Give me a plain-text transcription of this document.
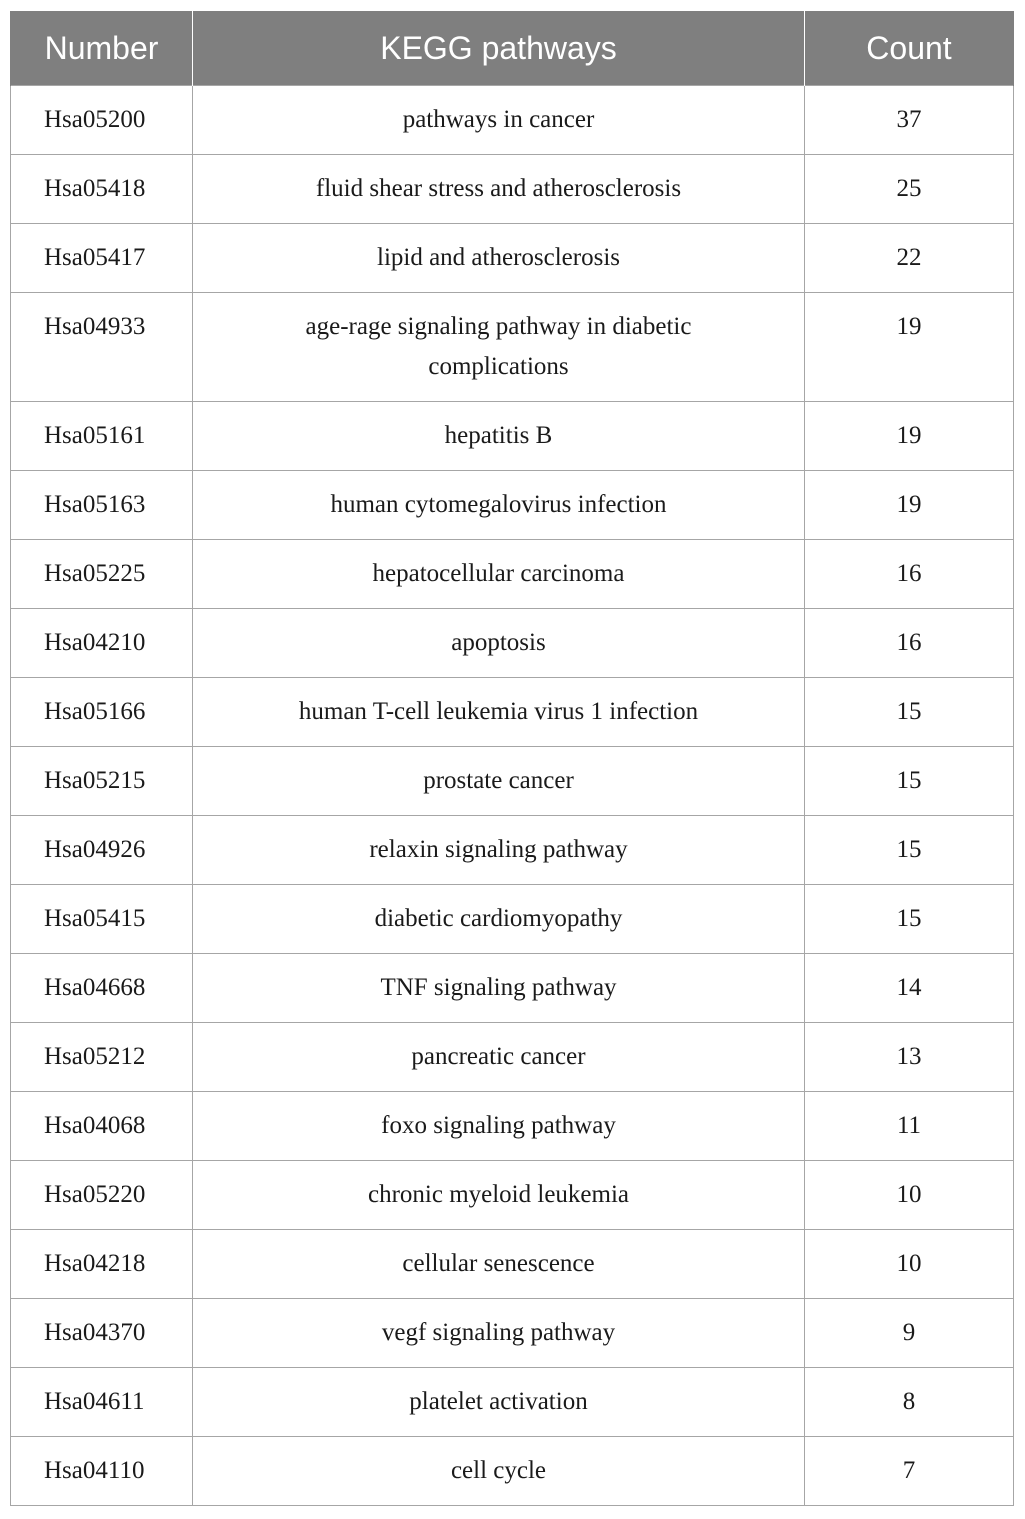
Number	KEGG pathways	Count

Hsa05200	pathways in cancer	37

Hsa05418	fluid shear stress and atherosclerosis	25

Hsa05417	lipid and atherosclerosis	22

Hsa04933	age-rage signaling pathway in diabetic complications	19

Hsa05161	hepatitis B	19

Hsa05163	human cytomegalovirus infection	19

Hsa05225	hepatocellular carcinoma	16

Hsa04210	apoptosis	16

Hsa05166	human T-cell leukemia virus 1 infection	15

Hsa05215	prostate cancer	15

Hsa04926	relaxin signaling pathway	15

Hsa05415	diabetic cardiomyopathy	15

Hsa04668	TNF signaling pathway	14

Hsa05212	pancreatic cancer	13

Hsa04068	foxo signaling pathway	11

Hsa05220	chronic myeloid leukemia	10

Hsa04218	cellular senescence	10

Hsa04370	vegf signaling pathway	9

Hsa04611	platelet activation	8

Hsa04110	cell cycle	7
